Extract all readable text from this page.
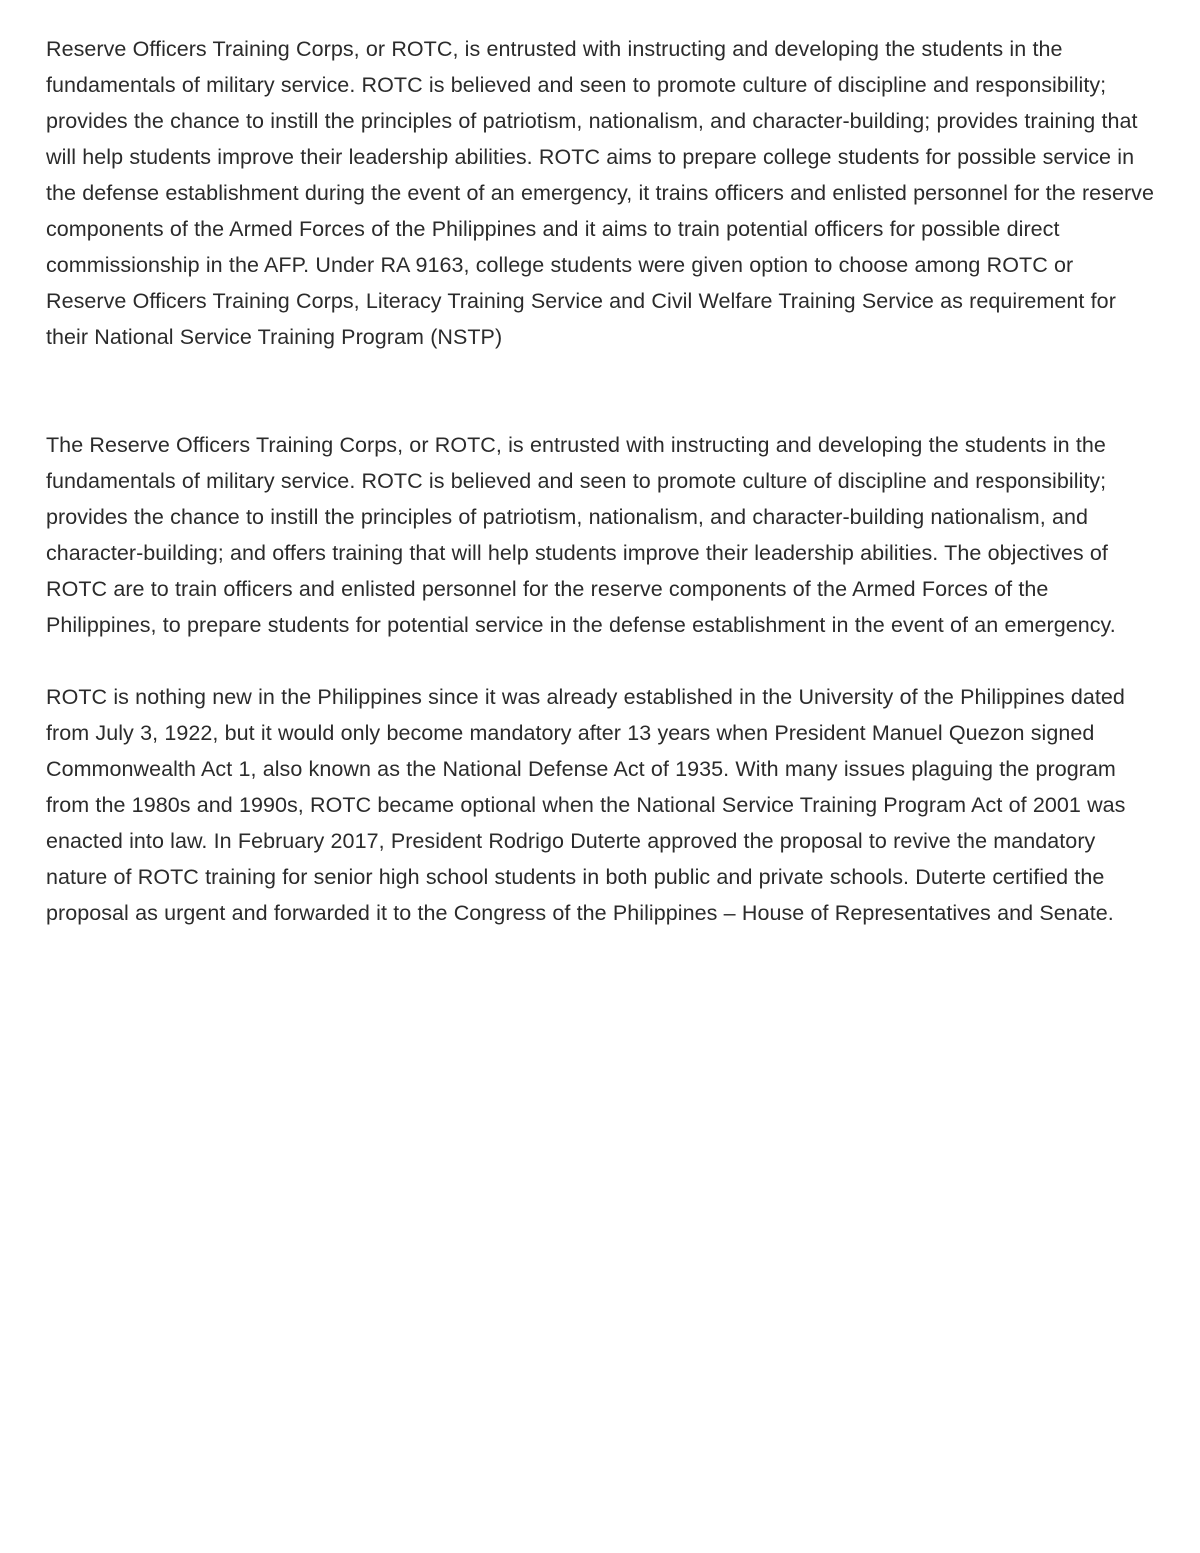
Reserve Officers Training Corps, or ROTC, is entrusted with instructing and developing the students in the fundamentals of military service. ROTC is believed and seen to promote culture of discipline and responsibility; provides the chance to instill the principles of patriotism, nationalism, and character-building; provides training that will help students improve their leadership abilities. ROTC aims to prepare college students for possible service in the defense establishment during the event of an emergency, it trains officers and enlisted personnel for the reserve components of the Armed Forces of the Philippines and it aims to train potential officers for possible direct commissionship in the AFP. Under RA 9163, college students were given option to choose among ROTC or Reserve Officers Training Corps, Literacy Training Service and Civil Welfare Training Service as requirement for their National Service Training Program (NSTP)

The Reserve Officers Training Corps, or ROTC, is entrusted with instructing and developing the students in the fundamentals of military service. ROTC is believed and seen to promote culture of discipline and responsibility; provides the chance to instill the principles of patriotism, nationalism, and character-building nationalism, and character-building; and offers training that will help students improve their leadership abilities. The objectives of ROTC are to train officers and enlisted personnel for the reserve components of the Armed Forces of the Philippines, to prepare students for potential service in the defense establishment in the event of an emergency.

ROTC is nothing new in the Philippines since it was already established in the University of the Philippines dated from July 3, 1922, but it would only become mandatory after 13 years when President Manuel Quezon signed Commonwealth Act 1, also known as the National Defense Act of 1935. With many issues plaguing the program from the 1980s and 1990s, ROTC became optional when the National Service Training Program Act of 2001 was enacted into law. In February 2017, President Rodrigo Duterte approved the proposal to revive the mandatory nature of ROTC training for senior high school students in both public and private schools. Duterte certified the proposal as urgent and forwarded it to the Congress of the Philippines – House of Representatives and Senate.
